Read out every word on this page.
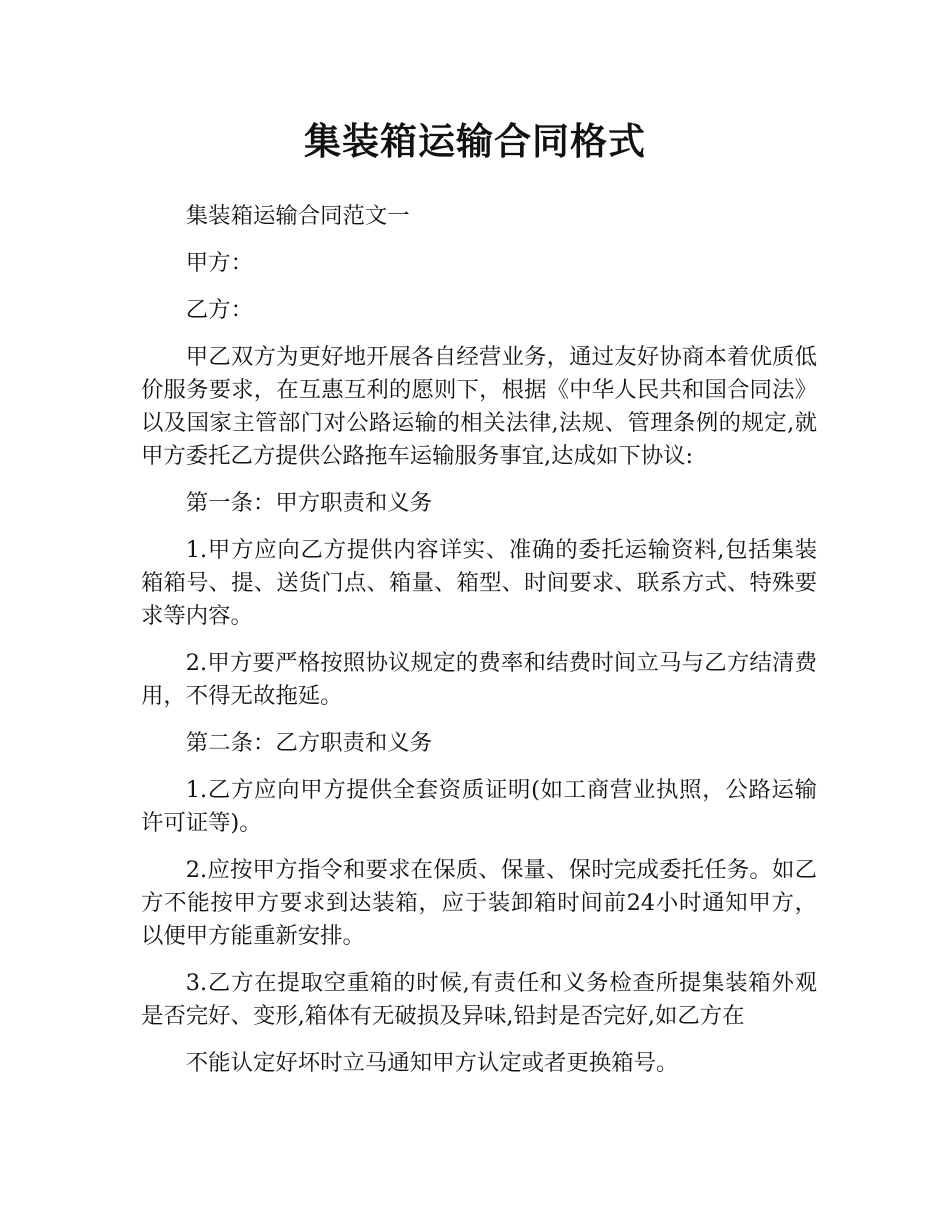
集装箱运输合同格式

集装箱运输合同范文一

甲方：

乙方：

甲乙双方为更好地开展各自经营业务，通过友好协商本着优质低价服务要求，在互惠互利的愿则下，根据《中华人民共和国合同法》以及国家主管部门对公路运输的相关法律,法规、管理条例的规定,就甲方委托乙方提供公路拖车运输服务事宜,达成如下协议:

第一条：甲方职责和义务

1.甲方应向乙方提供内容详实、准确的委托运输资料,包括集装箱箱号、提、送货门点、箱量、箱型、时间要求、联系方式、特殊要求等内容。

2.甲方要严格按照协议规定的费率和结费时间立马与乙方结清费用，不得无故拖延。

第二条：乙方职责和义务

1.乙方应向甲方提供全套资质证明(如工商营业执照，公路运输许可证等)。

2.应按甲方指令和要求在保质、保量、保时完成委托任务。如乙方不能按甲方要求到达装箱，应于装卸箱时间前24小时通知甲方，以便甲方能重新安排。

3.乙方在提取空重箱的时候,有责任和义务检查所提集装箱外观是否完好、变形,箱体有无破损及异味,铅封是否完好,如乙方在

不能认定好坏时立马通知甲方认定或者更换箱号。
